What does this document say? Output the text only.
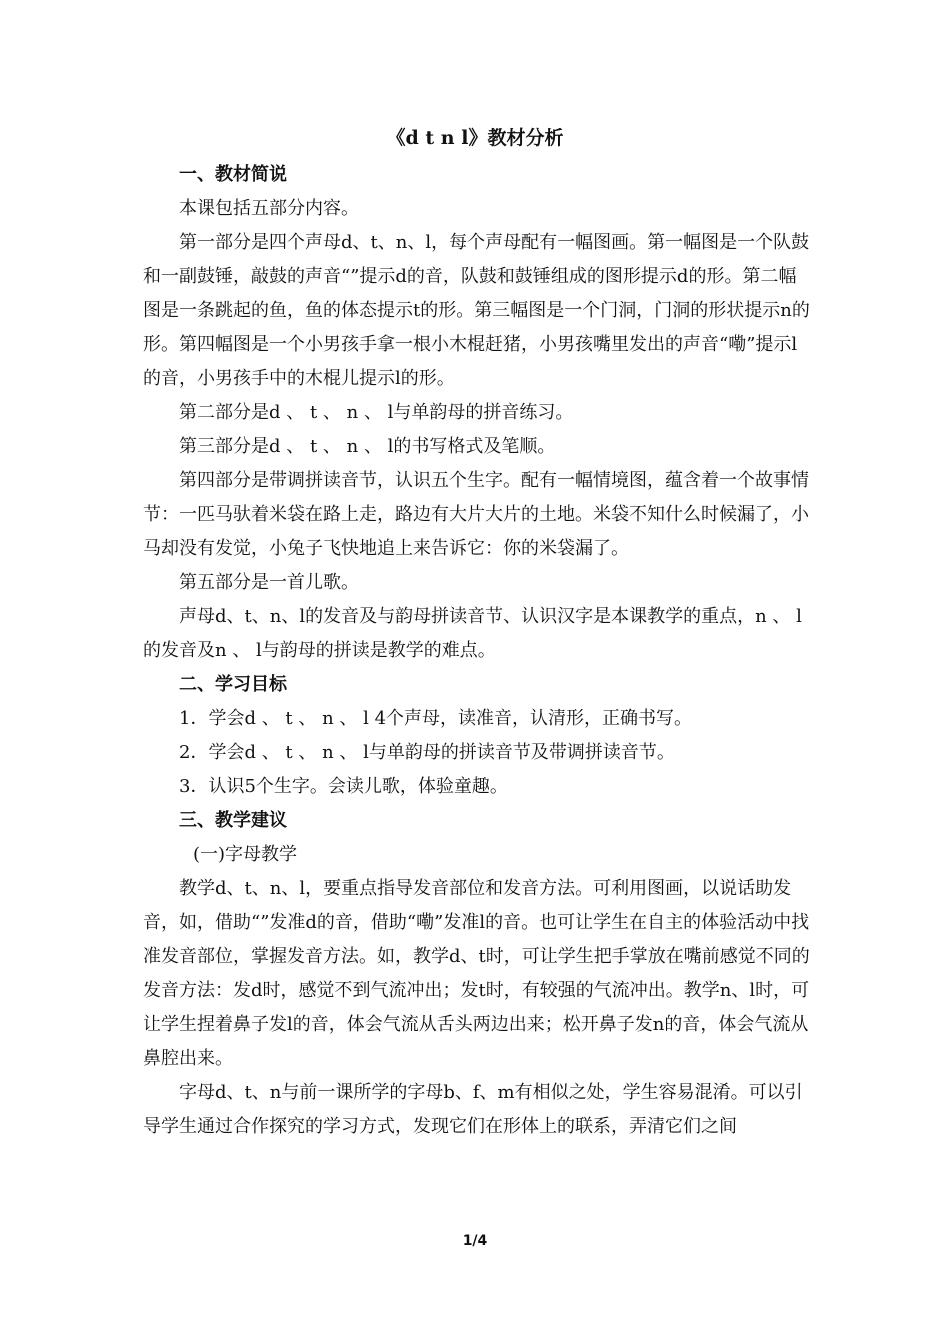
《d t n l》教材分析

一、教材简说

本课包括五部分内容。

第一部分是四个声母d、t、n、l，每个声母配有一幅图画。第一幅图是一个队鼓和一副鼓锤，敲鼓的声音“”提示d的音，队鼓和鼓锤组成的图形提示d的形。第二幅图是一条跳起的鱼，鱼的体态提示t的形。第三幅图是一个门洞，门洞的形状提示n的形。第四幅图是一个小男孩手拿一根小木棍赶猪，小男孩嘴里发出的声音“嘞”提示l的音，小男孩手中的木棍儿提示l的形。

第二部分是d 、 t 、 n 、 l与单韵母的拼音练习。

第三部分是d 、 t 、 n 、 l的书写格式及笔顺。

第四部分是带调拼读音节，认识五个生字。配有一幅情境图，蕴含着一个故事情节：一匹马驮着米袋在路上走，路边有大片大片的土地。米袋不知什么时候漏了，小马却没有发觉，小兔子飞快地追上来告诉它：你的米袋漏了。

第五部分是一首儿歌。

声母d、t、n、l的发音及与韵母拼读音节、认识汉字是本课教学的重点，n 、 l的发音及n 、 l与韵母的拼读是教学的难点。

二、学习目标

1．学会d 、 t 、 n 、 l 4个声母，读准音，认清形，正确书写。

2．学会d 、 t 、 n 、 l与单韵母的拼读音节及带调拼读音节。

3．认识5个生字。会读儿歌，体验童趣。

三、教学建议

(一)字母教学

教学d、t、n、l，要重点指导发音部位和发音方法。可利用图画，以说话助发音，如，借助“”发准d的音，借助“嘞”发准l的音。也可让学生在自主的体验活动中找准发音部位，掌握发音方法。如，教学d、t时，可让学生把手掌放在嘴前感觉不同的发音方法：发d时，感觉不到气流冲出；发t时，有较强的气流冲出。教学n、l时，可让学生捏着鼻子发l的音，体会气流从舌头两边出来；松开鼻子发n的音，体会气流从鼻腔出来。

字母d、t、n与前一课所学的字母b、f、m有相似之处，学生容易混淆。可以引导学生通过合作探究的学习方式，发现它们在形体上的联系，弄清它们之间

1/4
